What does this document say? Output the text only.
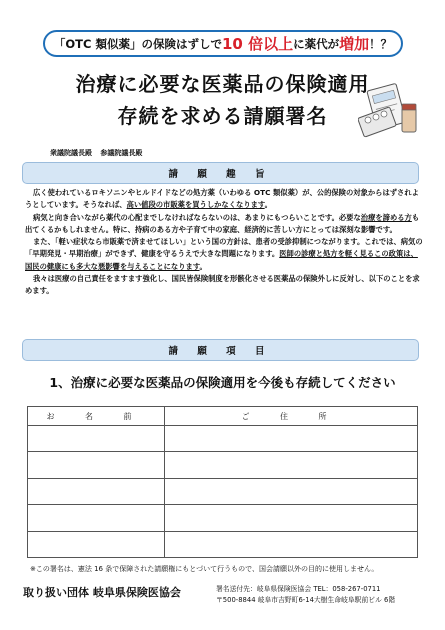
「OTC 類似薬」の保険はずしで 10 倍以上 に薬代が 増加 ！？
治療に必要な医薬品の保険適用
存続を求める請願署名
衆議院議長殿 参議院議長殿
請 願 趣 旨

広く使われているロキソニンやヒルドイドなどの処方薬（いわゆる OTC 類似薬）が、公的保険の対象からはずされようとしています。そうなれば、高い値段の市販薬を買うしかなくなります。

病気と向き合いながら薬代の心配までしなければならないのは、あまりにもつらいことです。必要な治療を諦める方も出てくるかもしれません。特に、持病のある方や子育て中の家庭、経済的に苦しい方にとっては深刻な影響です。

また、「軽い症状なら市販薬で済ませてほしい」という国の方針は、患者の受診抑制につながります。これでは、病気の「早期発見・早期治療」ができず、健康を守るうえで大きな問題になります。医師の診療と処方を軽く見るこの政策は、国民の健康にも多大な悪影響を与えることになります。

我々は医療の自己責任をますます強化し、国民皆保険制度を形骸化させる医薬品の保険外しに反対し、以下のことを求めます。

請 願 項 目
1、治療に必要な医薬品の保険適用を今後も存続してください
お 名 前	ご 住 所

※この署名は、憲法 16 条で保障された請願権にもとづいて行うもので、国会請願以外の目的に使用しません。
取り扱い団体 岐阜県保険医協会	署名送付先：岐阜県保険医協会 TEL：058-267-0711
〒500-8844 岐阜市吉野町6-14大樹生命岐阜駅前ビル 6階
